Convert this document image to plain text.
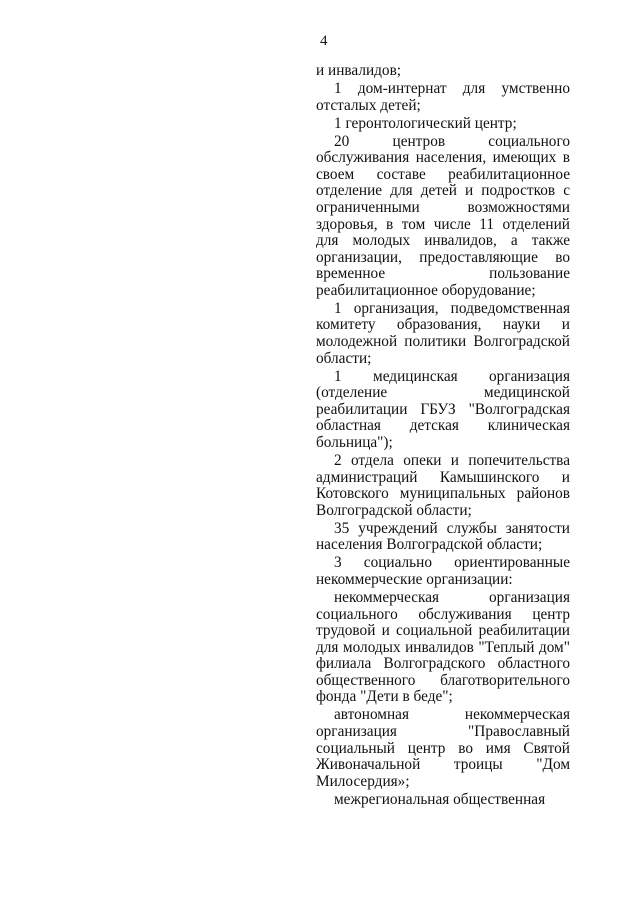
4

и инвалидов;

1 дом-интернат для умственно отсталых детей;

1 геронтологический центр;

20 центров социального обслуживания населения, имеющих в своем составе реабилитационное отделение для детей и подростков с ограниченными возможностями здоровья, в том числе 11 отделений для молодых инвалидов, а также организации, предоставляющие во временное пользование реабилитационное оборудование;

1 организация, подведомственная комитету образования, науки и молодежной политики Волгоградской области;

1 медицинская организация (отделение медицинской реабилитации ГБУЗ "Волгоградская областная детская клиническая больница");

2 отдела опеки и попечительства администраций Камышинского и Котовского муниципальных районов Волгоградской области;

35 учреждений службы занятости населения Волгоградской области;

3 социально ориентированные некоммерческие организации:

некоммерческая организация социального обслуживания центр трудовой и социальной реабилитации для молодых инвалидов "Теплый дом" филиала Волгоградского областного общественного благотворительного фонда "Дети в беде";

автономная некоммерческая организация "Православный социальный центр во имя Святой Живоначальной троицы "Дом Милосердия»;

межрегиональная общественная
